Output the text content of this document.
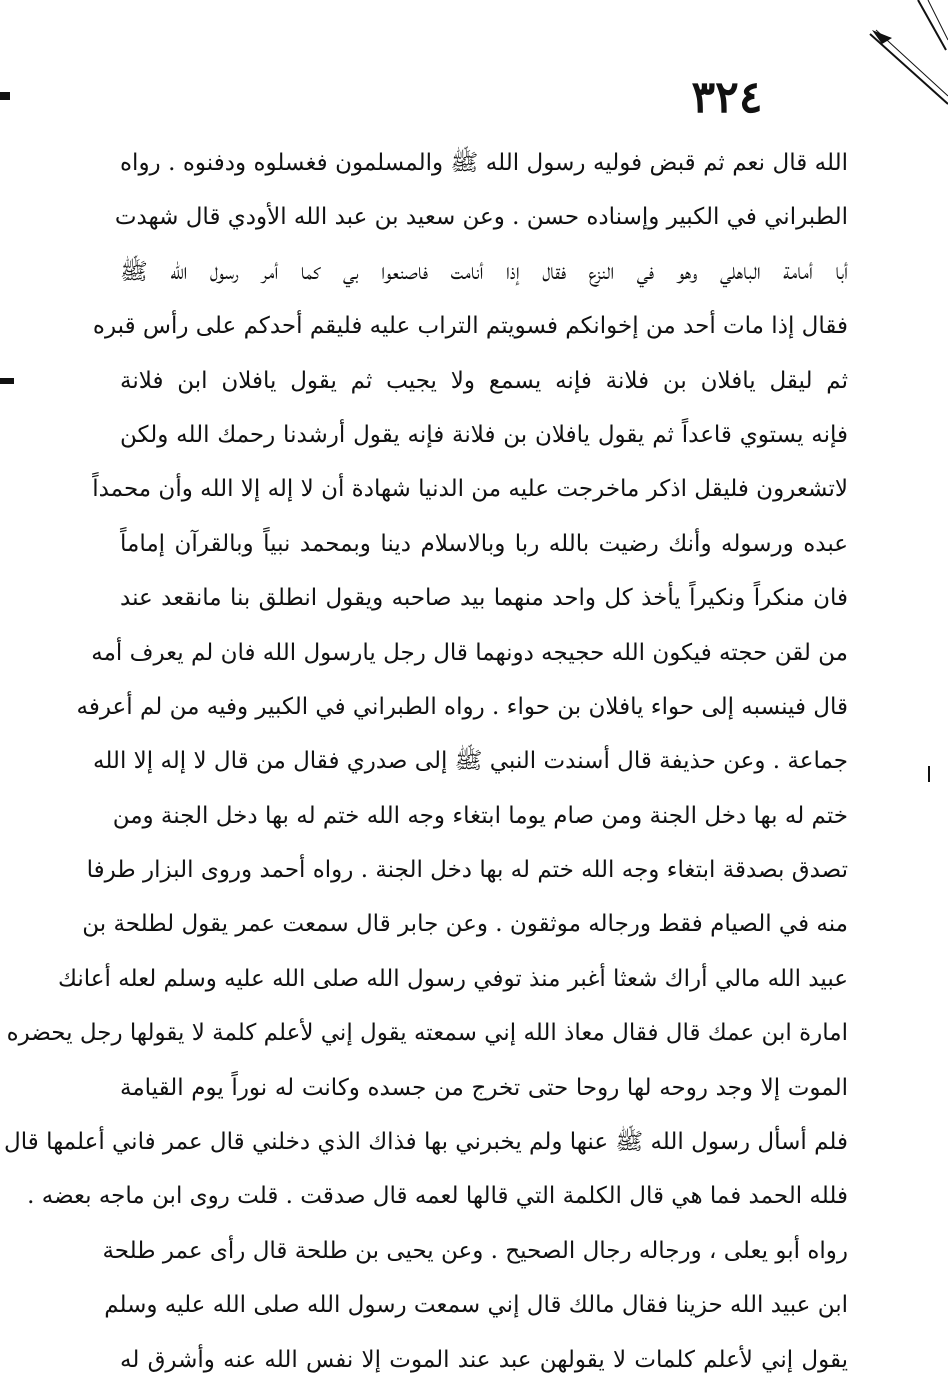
٣٢٤
الله قال نعم ثم قبض فوليه رسول الله ﷺ والمسلمون فغسلوه ودفنوه . رواه
الطبراني في الكبير وإسناده حسن . وعن سعيد بن عبد الله الأودي قال شهدت
أبا أمامة الباهلي وهو في النزع فقال إذا أنامت فاصنعوا بي كما أمر رسول الله ﷺ
فقال إذا مات أحد من إخوانكم فسويتم التراب عليه فليقم أحدكم على رأس قبره
ثم ليقل يافلان بن فلانة فإنه يسمع ولا يجيب ثم يقول يافلان ابن فلانة
فإنه يستوي قاعداً ثم يقول يافلان بن فلانة فإنه يقول أرشدنا رحمك الله ولكن
لاتشعرون فليقل اذكر ماخرجت عليه من الدنيا شهادة أن لا إله إلا الله وأن محمداً
عبده ورسوله وأنك رضيت بالله ربا وبالاسلام دينا وبمحمد نبياً وبالقرآن إماماً
فان منكراً ونكيراً يأخذ كل واحد منهما بيد صاحبه ويقول انطلق بنا مانقعد عند
من لقن حجته فيكون الله حجيجه دونهما قال رجل يارسول الله فان لم يعرف أمه
قال فينسبه إلى حواء يافلان بن حواء . رواه الطبراني في الكبير وفيه من لم أعرفه
جماعة . وعن حذيفة قال أسندت النبي ﷺ إلى صدري فقال من قال لا إله إلا الله
ختم له بها دخل الجنة ومن صام يوما ابتغاء وجه الله ختم له بها دخل الجنة ومن
تصدق بصدقة ابتغاء وجه الله ختم له بها دخل الجنة . رواه أحمد وروى البزار طرفا
منه في الصيام فقط ورجاله موثقون . وعن جابر قال سمعت عمر يقول لطلحة بن
عبيد الله مالي أراك شعثا أغبر منذ توفي رسول الله صلى الله عليه وسلم لعله أعانك
امارة ابن عمك قال فقال معاذ الله إني سمعته يقول إني لأعلم كلمة لا يقولها رجل يحضره
الموت إلا وجد روحه لها روحا حتى تخرج من جسده وكانت له نوراً يوم القيامة
فلم أسأل رسول الله ﷺ عنها ولم يخبرني بها فذاك الذي دخلني قال عمر فاني أعلمها قال
فلله الحمد فما هي قال الكلمة التي قالها لعمه قال صدقت . قلت روى ابن ماجه بعضه .
رواه أبو يعلى ، ورجاله رجال الصحيح . وعن يحيى بن طلحة قال رأى عمر طلحة
ابن عبيد الله حزينا فقال مالك قال إني سمعت رسول الله صلى الله عليه وسلم
يقول إني لأعلم كلمات لا يقولهن عبد عند الموت إلا نفس الله عنه وأشرق له
